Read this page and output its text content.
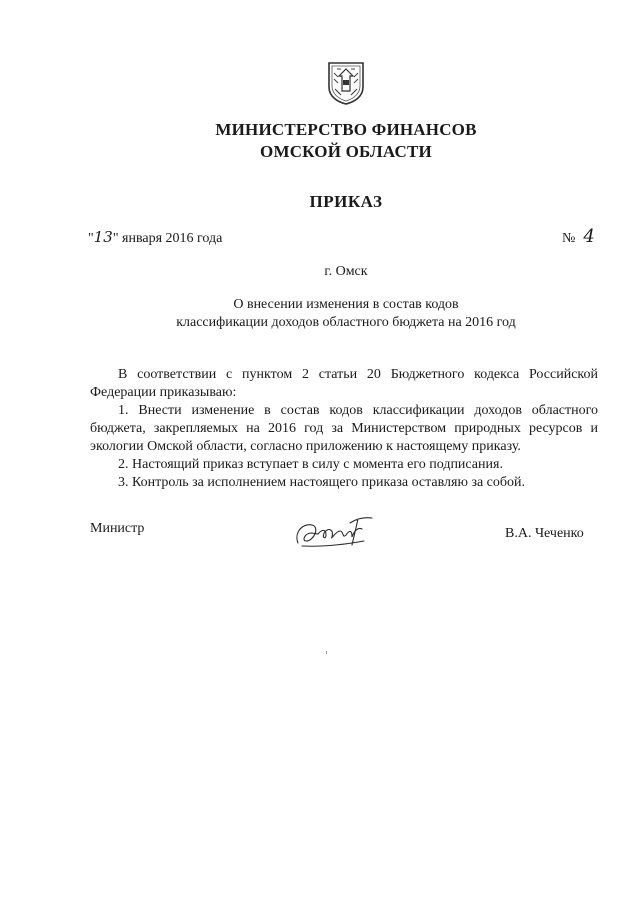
МИНИСТЕРСТВО ФИНАНСОВ
ОМСКОЙ ОБЛАСТИ
ПРИКАЗ
"13" января 2016 года	№ 4
г. Омск
О внесении изменения в состав кодов
классификации доходов областного бюджета на 2016 год

В соответствии с пунктом 2 статьи 20 Бюджетного кодекса Российской Федерации приказываю:

1. Внести изменение в состав кодов классификации доходов областного бюджета, закрепляемых на 2016 год за Министерством природных ресурсов и экологии Омской области, согласно приложению к настоящему приказу.

2. Настоящий приказ вступает в силу с момента его подписания.

3. Контроль за исполнением настоящего приказа оставляю за собой.

Министр	В.А. Чеченко
